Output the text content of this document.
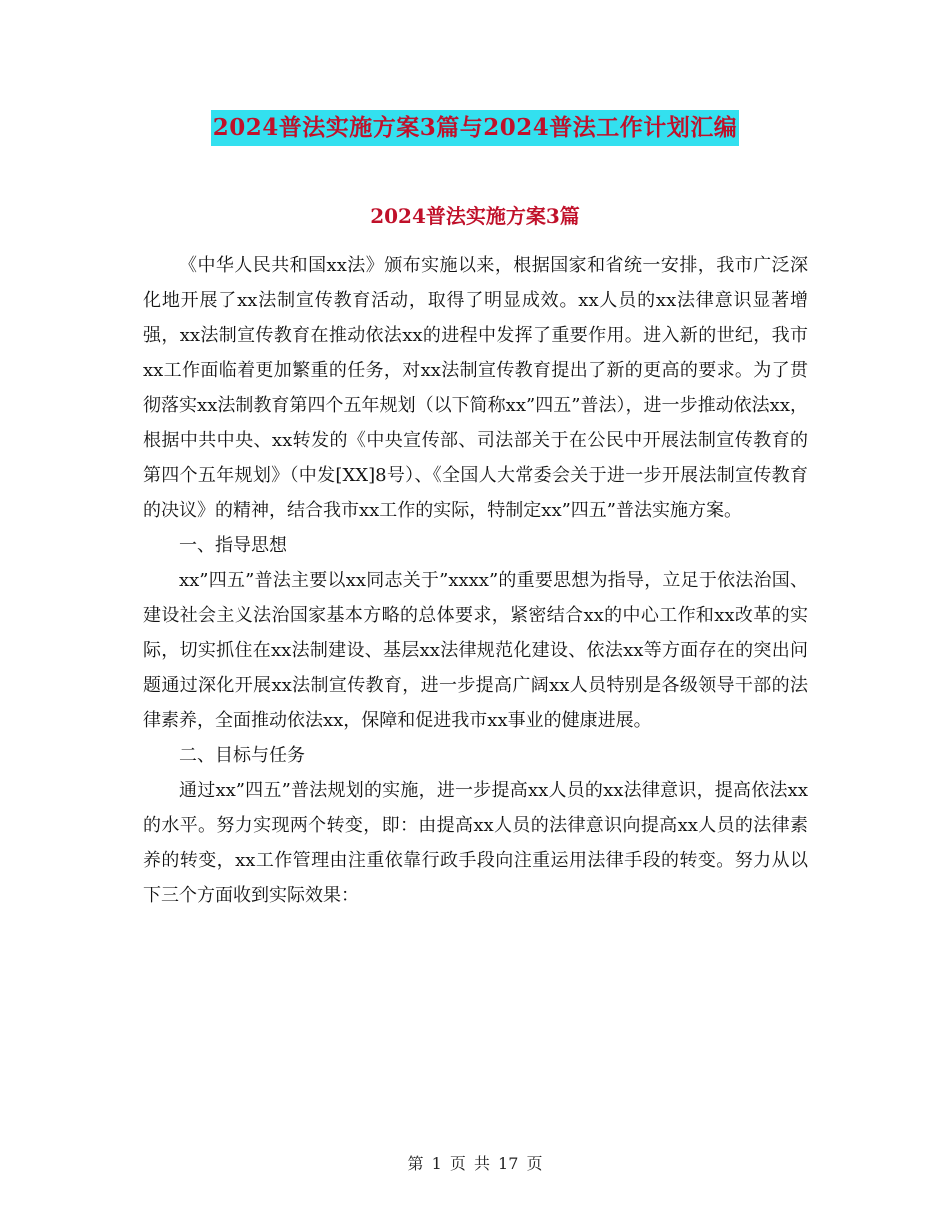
2024普法实施方案3篇与2024普法工作计划汇编
2024普法实施方案3篇

《中华人民共和国xx法》颁布实施以来，根据国家和省统一安排，我市广泛深化地开展了xx法制宣传教育活动，取得了明显成效。xx人员的xx法律意识显著增强，xx法制宣传教育在推动依法xx的进程中发挥了重要作用。进入新的世纪，我市xx工作面临着更加繁重的任务，对xx法制宣传教育提出了新的更高的要求。为了贯彻落实xx法制教育第四个五年规划（以下简称xx”四五”普法），进一步推动依法xx，根据中共中央、xx转发的《中央宣传部、司法部关于在公民中开展法制宣传教育的第四个五年规划》（中发[XX]8号）、《全国人大常委会关于进一步开展法制宣传教育的决议》的精神，结合我市xx工作的实际，特制定xx”四五”普法实施方案。

一、指导思想

xx”四五”普法主要以xx同志关于”xxxx”的重要思想为指导，立足于依法治国、建设社会主义法治国家基本方略的总体要求，紧密结合xx的中心工作和xx改革的实际，切实抓住在xx法制建设、基层xx法律规范化建设、依法xx等方面存在的突出问题通过深化开展xx法制宣传教育，进一步提高广阔xx人员特别是各级领导干部的法律素养，全面推动依法xx，保障和促进我市xx事业的健康进展。

二、目标与任务

通过xx”四五”普法规划的实施，进一步提高xx人员的xx法律意识，提高依法xx的水平。努力实现两个转变，即：由提高xx人员的法律意识向提高xx人员的法律素养的转变，xx工作管理由注重依靠行政手段向注重运用法律手段的转变。努力从以下三个方面收到实际效果：

第 1 页 共 17 页
